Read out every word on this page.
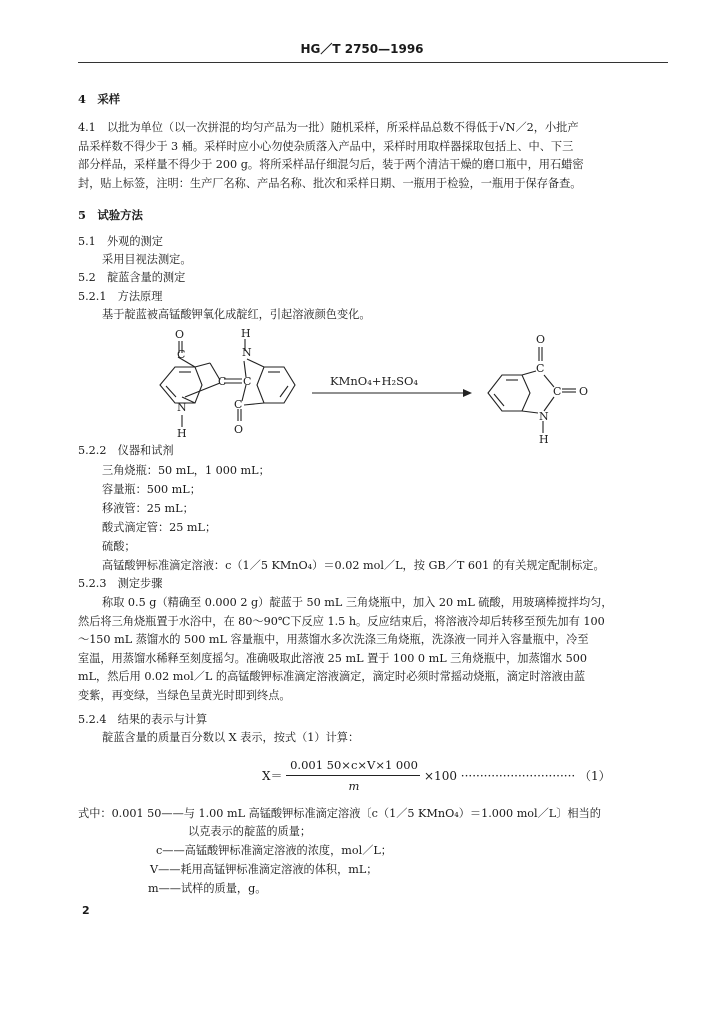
HG／T 2750—1996
4　采样
4.1　以批为单位（以一次拼混的均匀产品为一批）随机采样，所采样品总数不得低于√N／2，小批产
品采样数不得少于 3 桶。采样时应小心勿使杂质落入产品中，采样时用取样器採取包括上、中、下三
部分样品，采样量不得少于 200 g。将所采样品仔细混匀后，装于两个清洁干燥的磨口瓶中，用石蜡密
封，贴上标签，注明：生产厂名称、产品名称、批次和采样日期、一瓶用于检验，一瓶用于保存备查。
5　试验方法
5.1　外观的测定
采用目视法测定。
5.2　靛蓝含量的测定
5.2.1　方法原理
基于靛蓝被高锰酸钾氧化成靛红，引起溶液颜色变化。
O
C
C
N
H
C
C
O
N
H
KMnO₄+H₂SO₄
O
C
C O
N
H
5.2.2　仪器和试剂
三角烧瓶：50 mL，1 000 mL；
容量瓶：500 mL；
移液管：25 mL；
酸式滴定管：25 mL；
硫酸；
高锰酸钾标准滴定溶液：c（1／5 KMnO₄）＝0.02 mol／L，按 GB／T 601 的有关规定配制标定。
5.2.3　测定步骤
称取 0.5 g（精确至 0.000 2 g）靛蓝于 50 mL 三角烧瓶中，加入 20 mL 硫酸，用玻璃棒搅拌均匀，
然后将三角烧瓶置于水浴中，在 80～90℃下反应 1.5 h。反应结束后，将溶液冷却后转移至预先加有 100
～150 mL 蒸馏水的 500 mL 容量瓶中，用蒸馏水多次洗涤三角烧瓶，洗涤液一同并入容量瓶中，冷至
室温，用蒸馏水稀释至刻度摇匀。准确吸取此溶液 25 mL 置于 100 0 mL 三角烧瓶中，加蒸馏水 500
mL，然后用 0.02 mol／L 的高锰酸钾标准滴定溶液滴定，滴定时必须时常摇动烧瓶，滴定时溶液由蓝
变紫，再变绿，当绿色呈黄光时即到终点。
5.2.4　结果的表示与计算
靛蓝含量的质量百分数以 X 表示，按式（1）计算：
X＝
0.001 50×c×V×1 000
m
×100 ······························ （1）
式中：0.001 50——与 1.00 mL 高锰酸钾标准滴定溶液〔c（1／5 KMnO₄）＝1.000 mol／L〕相当的
以克表示的靛蓝的质量；
c——高锰酸钾标准滴定溶液的浓度，mol／L；
V——耗用高锰钾标准滴定溶液的体积，mL；
m——试样的质量，g。
2
